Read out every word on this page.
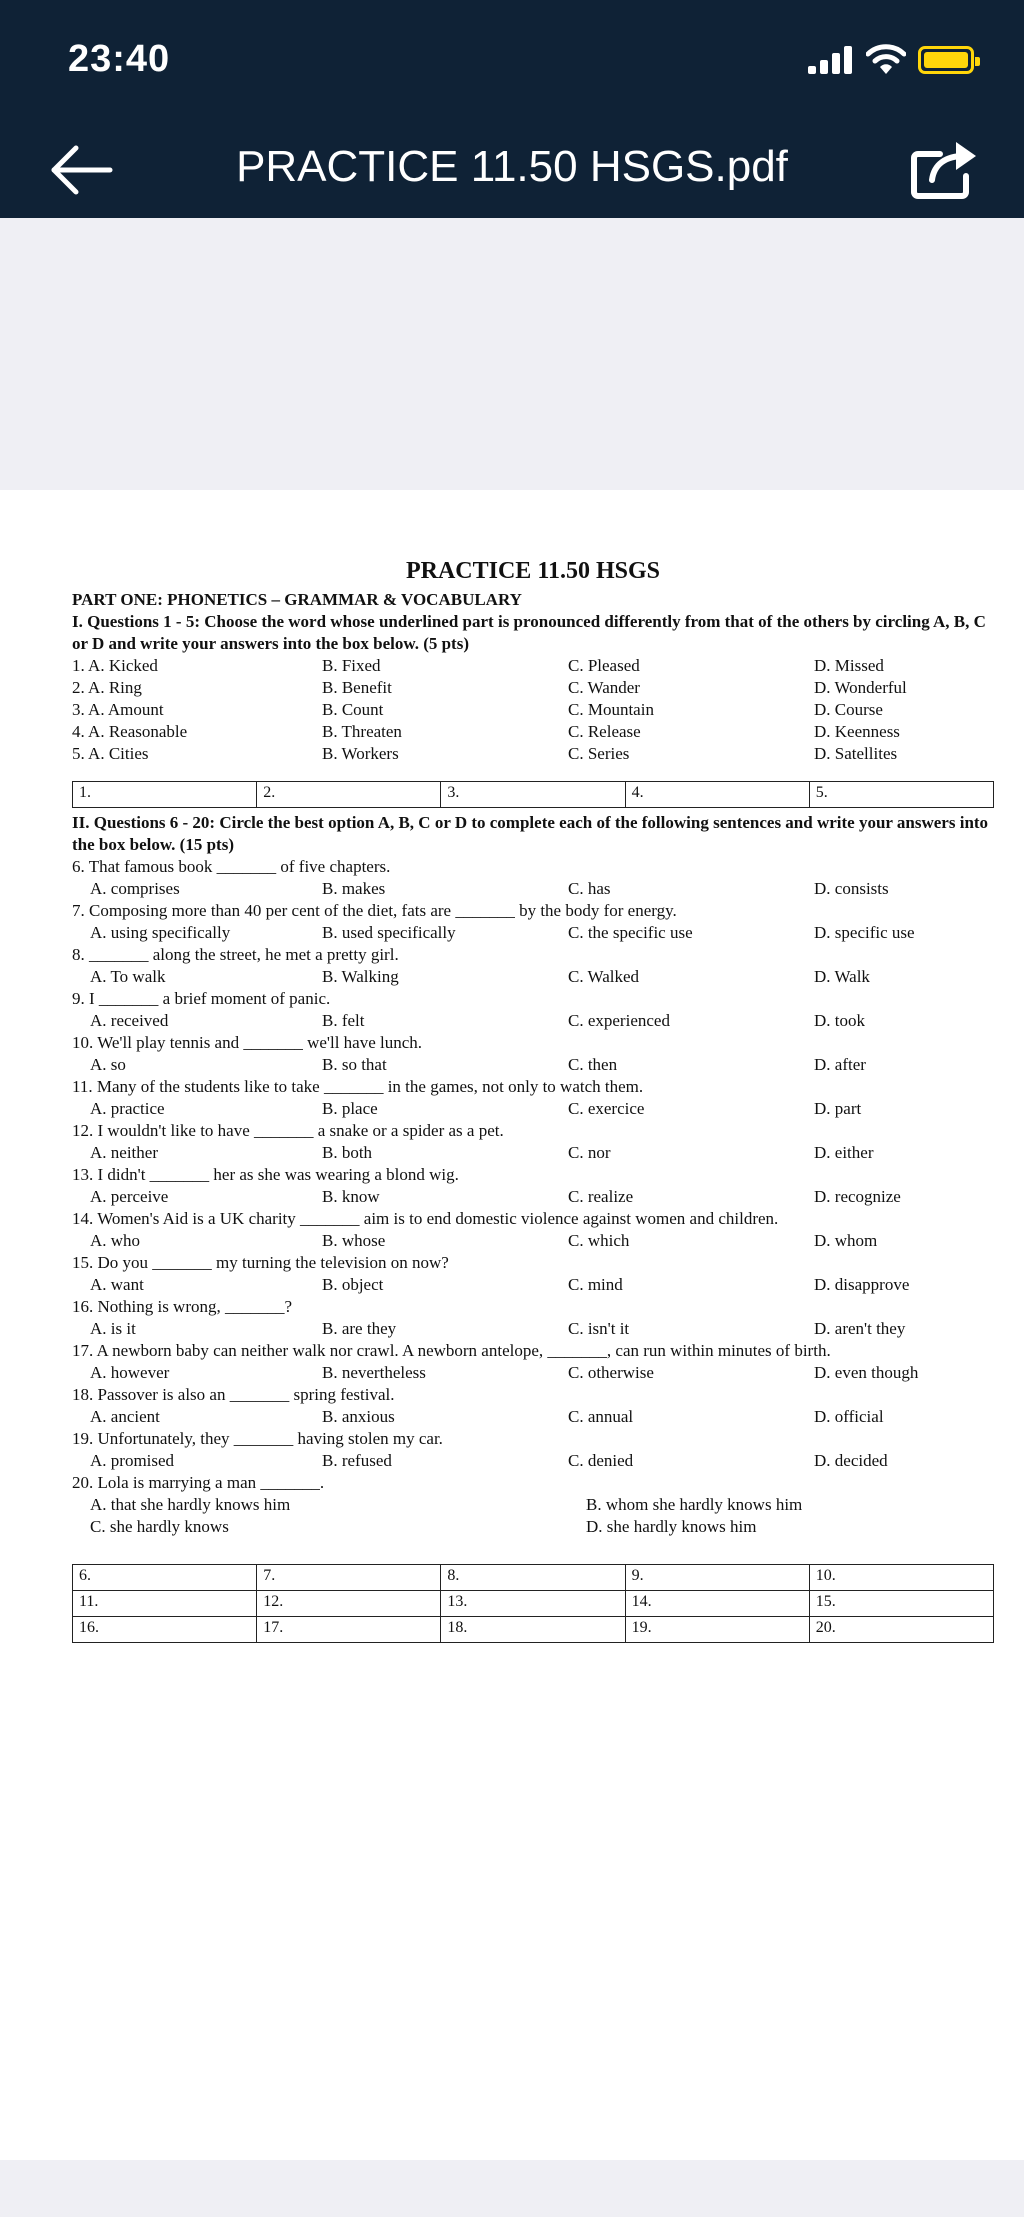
23:40
PRACTICE 11.50 HSGS.pdf
PRACTICE 11.50 HSGS
PART ONE: PHONETICS – GRAMMAR & VOCABULARY
I. Questions 1 - 5: Choose the word whose underlined part is pronounced differently from that of the others by circling A, B, C or D and write your answers into the box below. (5 pts)
1. A. Kicked	B. Fixed	C. Pleased	D. Missed
2. A. Ring	B. Benefit	C. Wander	D. Wonderful
3. A. Amount	B. Count	C. Mountain	D. Course
4. A. Reasonable	B. Threaten	C. Release	D. Keenness
5. A. Cities	B. Workers	C. Series	D. Satellites
1.	2.	3.	4.	5.
II. Questions 6 - 20: Circle the best option A, B, C or D to complete each of the following sentences and write your answers into the box below. (15 pts)
6. That famous book _______ of five chapters.
A. comprises	B. makes	C. has	D. consists
7. Composing more than 40 per cent of the diet, fats are _______ by the body for energy.
A. using specifically	B. used specifically	C. the specific use	D. specific use
8. _______ along the street, he met a pretty girl.
A. To walk	B. Walking	C. Walked	D. Walk
9. I _______ a brief moment of panic.
A. received	B. felt	C. experienced	D. took
10. We'll play tennis and _______ we'll have lunch.
A. so	B. so that	C. then	D. after
11. Many of the students like to take _______ in the games, not only to watch them.
A. practice	B. place	C. exercice	D. part
12. I wouldn't like to have _______ a snake or a spider as a pet.
A. neither	B. both	C. nor	D. either
13. I didn't _______ her as she was wearing a blond wig.
A. perceive	B. know	C. realize	D. recognize
14. Women's Aid is a UK charity _______ aim is to end domestic violence against women and children.
A. who	B. whose	C. which	D. whom
15. Do you _______ my turning the television on now?
A. want	B. object	C. mind	D. disapprove
16. Nothing is wrong, _______?
A. is it	B. are they	C. isn't it	D. aren't they
17. A newborn baby can neither walk nor crawl. A newborn antelope, _______, can run within minutes of birth.
A. however	B. nevertheless	C. otherwise	D. even though
18. Passover is also an _______ spring festival.
A. ancient	B. anxious	C. annual	D. official
19. Unfortunately, they _______ having stolen my car.
A. promised	B. refused	C. denied	D. decided
20. Lola is marrying a man _______.
A. that she hardly knows him	B. whom she hardly knows him
C. she hardly knows	D. she hardly knows him
6.	7.	8.	9.	10.
11.	12.	13.	14.	15.
16.	17.	18.	19.	20.
